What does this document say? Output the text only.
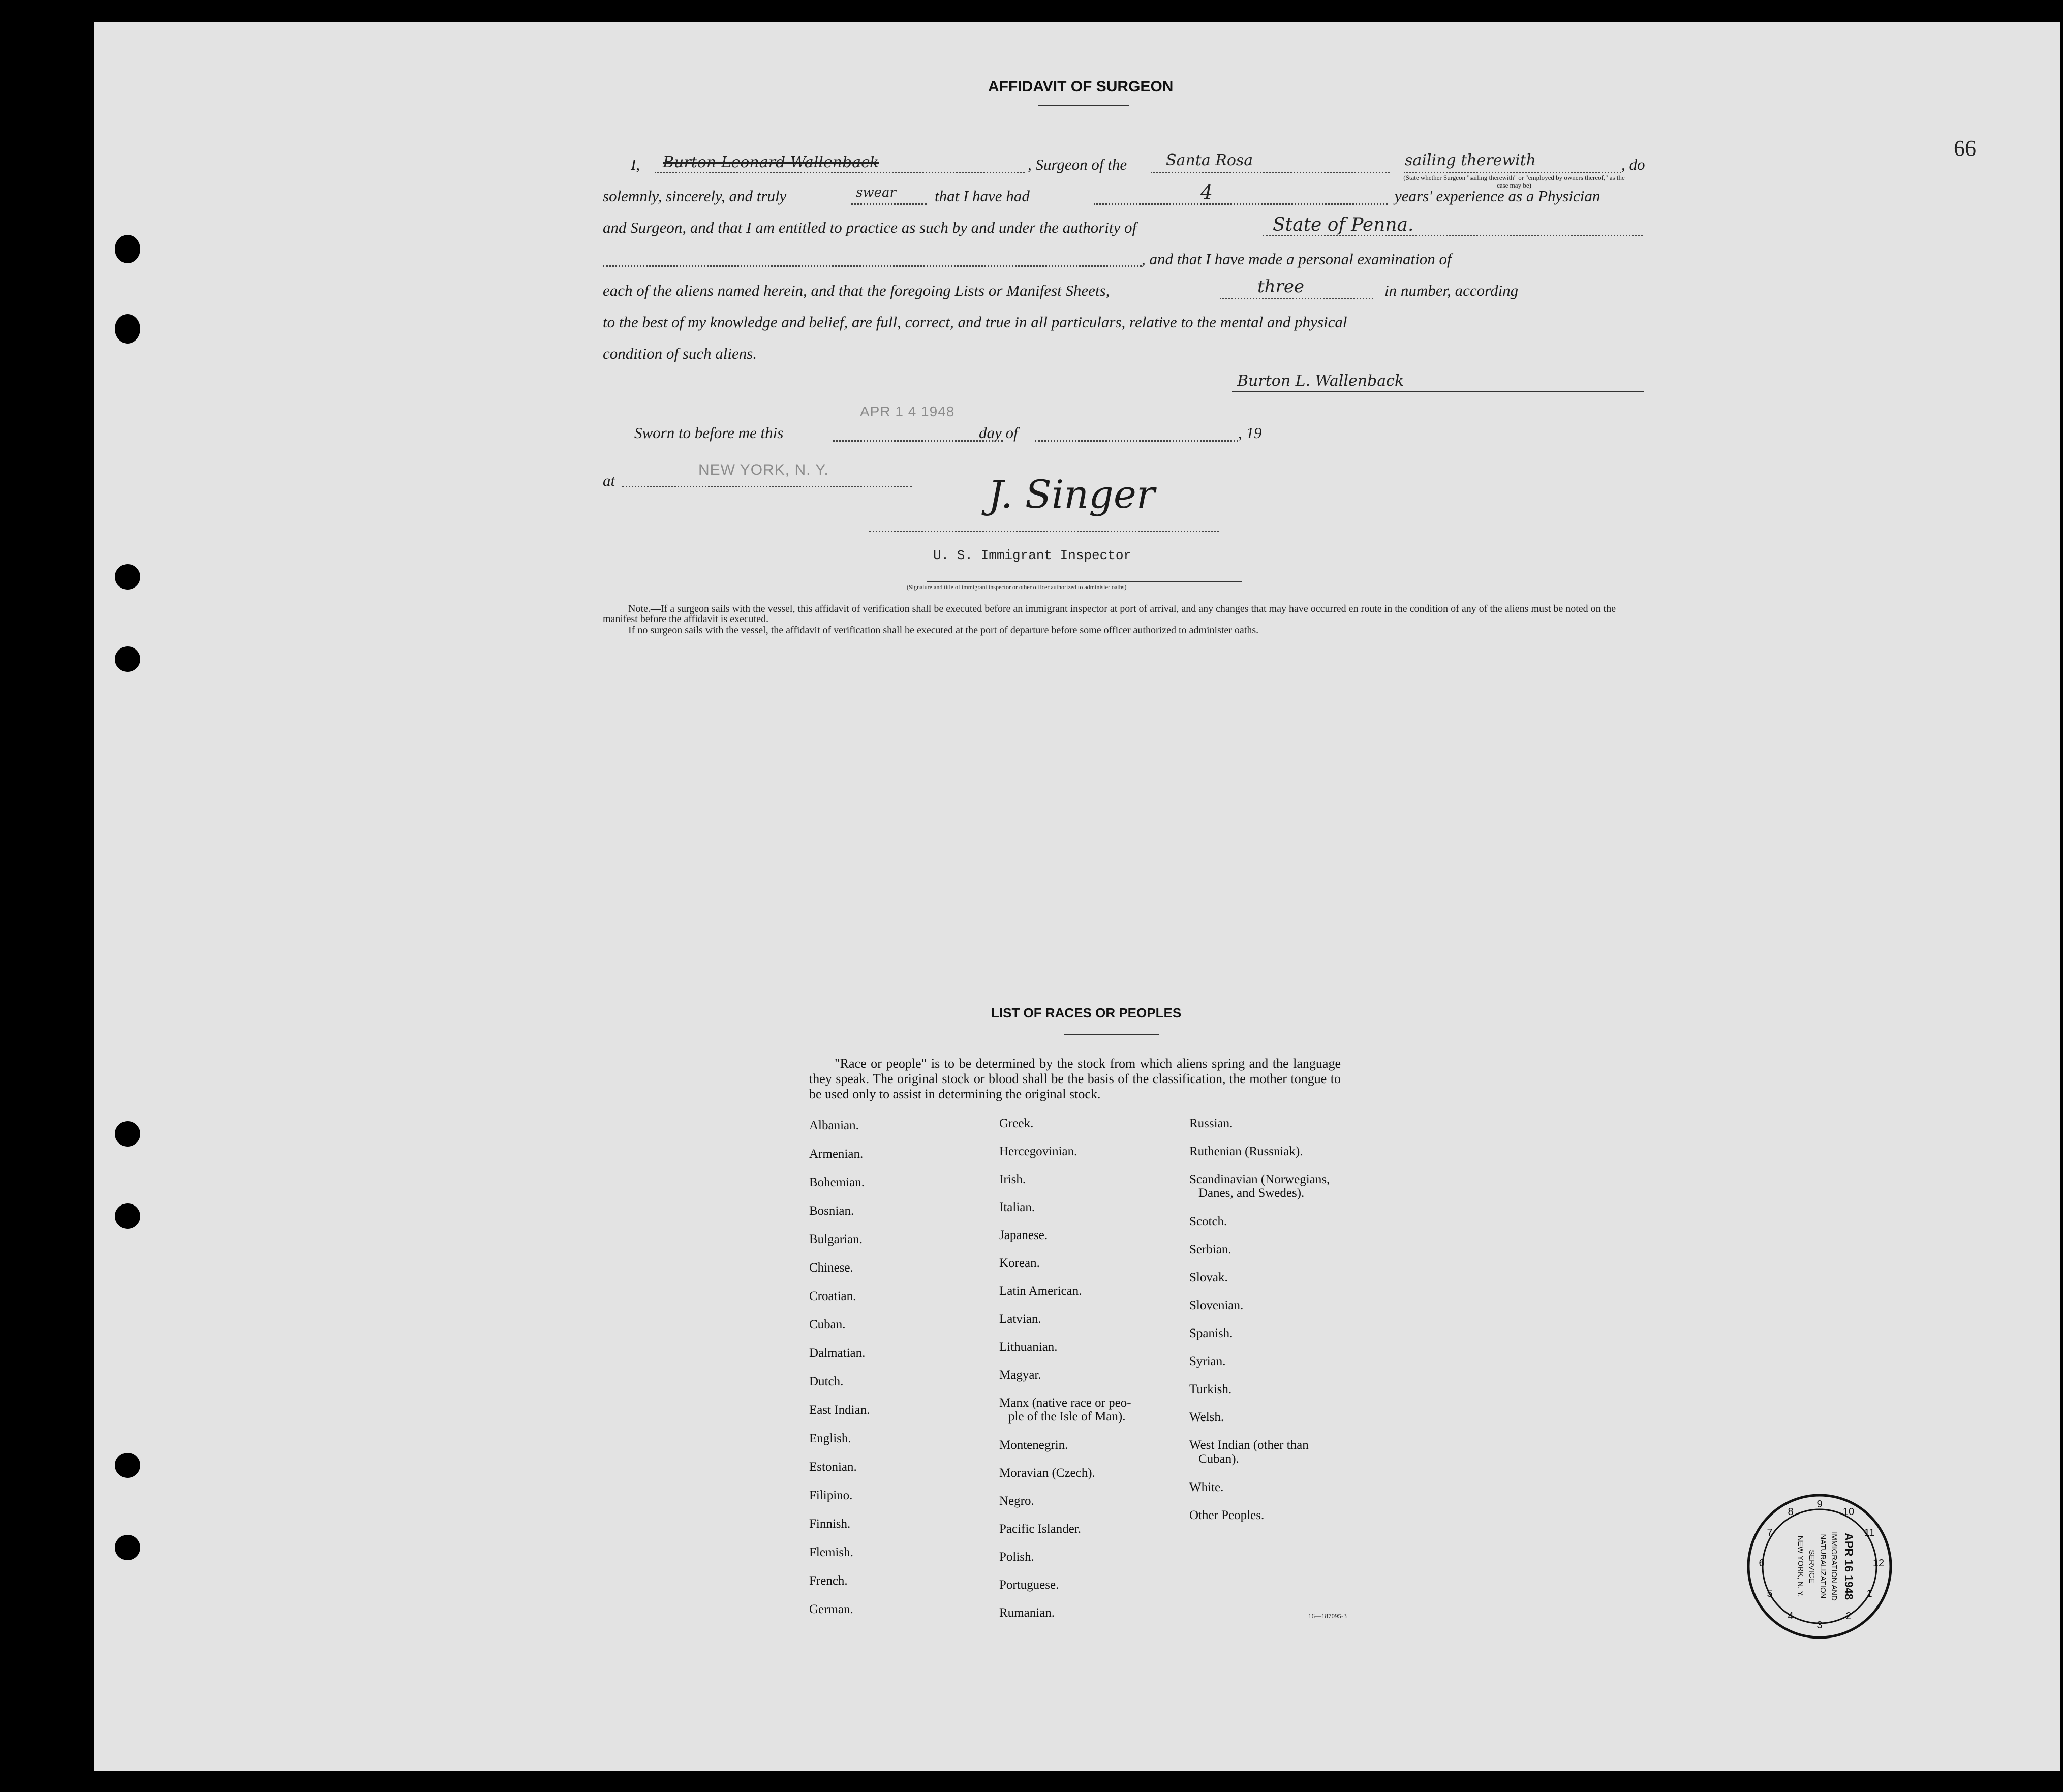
66
AFFIDAVIT OF SURGEON
I, Burton Leonard Wallenback	, Surgeon of the	Santa Rosa	sailing therewith	, do
(State whether Surgeon "sailing therewith" or "employed by owners thereof," as the case may be)
solemnly, sincerely, and truly	swear that I have had	4	years' experience as a Physician
and Surgeon, and that I am entitled to practice as such by and under the authority of	State of Penna.
, and that I have made a personal examination of
each of the aliens named herein, and that the foregoing Lists or Manifest Sheets,	three	in number, according
to the best of my knowledge and belief, are full, correct, and true in all particulars, relative to the mental and physical
condition of such aliens.
Burton L. Wallenback
Sworn to before me this
APR 1 4 1948
day of	, 19
at
NEW YORK, N. Y.
J. Singer
U. S. Immigrant Inspector
(Signature and title of immigrant inspector or other officer authorized to administer oaths)
Note.—If a surgeon sails with the vessel, this affidavit of verification shall be executed before an immigrant inspector at port of arrival, and any changes that may have occurred en route in the condition of any of the aliens must be noted on the manifest before the affidavit is executed.
If no surgeon sails with the vessel, the affidavit of verification shall be executed at the port of departure before some officer authorized to administer oaths.
LIST OF RACES OR PEOPLES
"Race or people" is to be determined by the stock from which aliens spring and the language they speak. The original stock or blood shall be the basis of the classification, the mother tongue to be used only to assist in determining the original stock.
Albanian.
Armenian.
Bohemian.
Bosnian.
Bulgarian.
Chinese.
Croatian.
Cuban.
Dalmatian.
Dutch.
East Indian.
English.
Estonian.
Filipino.
Finnish.
Flemish.
French.
German.
Greek.
Hercegovinian.
Irish.
Italian.
Japanese.
Korean.
Latin American.
Latvian.
Lithuanian.
Magyar.
Manx (native race or peo-
ple of the Isle of Man).
Montenegrin.
Moravian (Czech).
Negro.
Pacific Islander.
Polish.
Portuguese.
Rumanian.
Russian.
Ruthenian (Russniak).
Scandinavian (Norwegians,
Danes, and Swedes).
Scotch.
Serbian.
Slovak.
Slovenian.
Spanish.
Syrian.
Turkish.
Welsh.
West Indian (other than
Cuban).
White.
Other Peoples.
16—187095-3
9
10
11
12
1
2
3
4
5
6
7
8
APR 16 1948
IMMIGRATION AND
NATURALIZATION
SERVICE
NEW YORK, N. Y.
